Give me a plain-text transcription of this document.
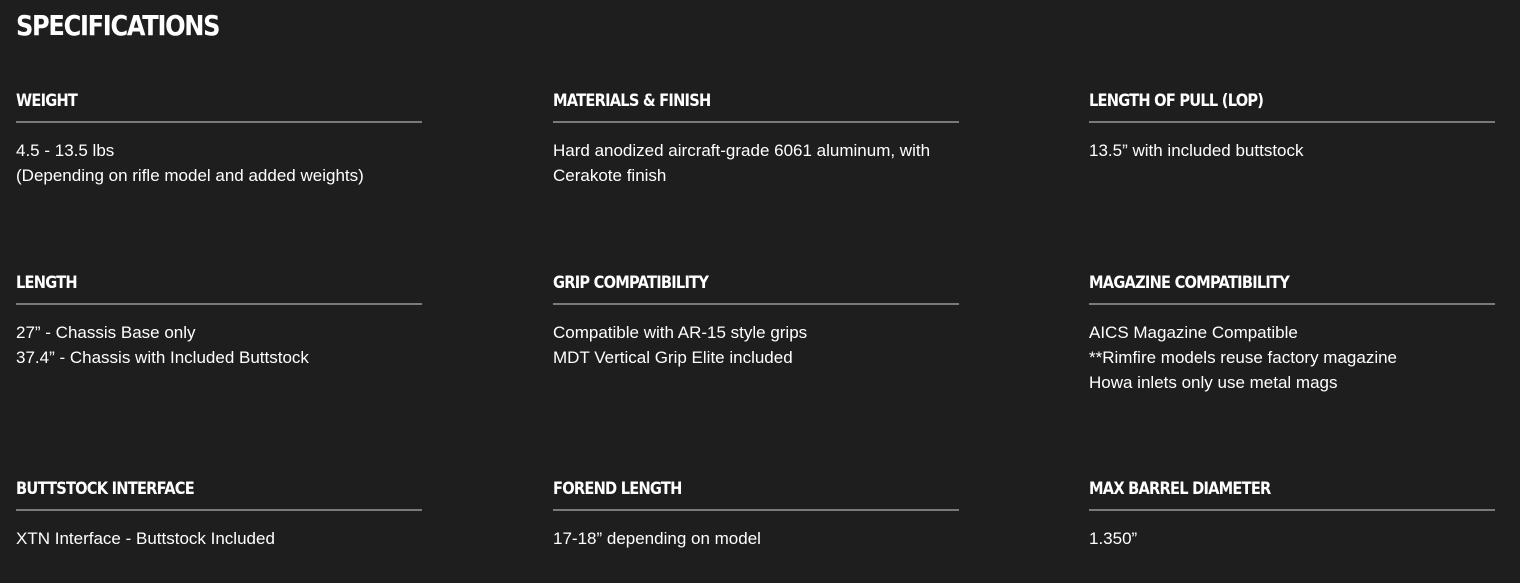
SPECIFICATIONS
WEIGHT
4.5 - 13.5 lbs
(Depending on rifle model and added weights)
MATERIALS & FINISH
Hard anodized aircraft-grade 6061 aluminum, with
Cerakote finish
LENGTH OF PULL (LOP)
13.5” with included buttstock
LENGTH
27” - Chassis Base only
37.4” - Chassis with Included Buttstock
GRIP COMPATIBILITY
Compatible with AR-15 style grips
MDT Vertical Grip Elite included
MAGAZINE COMPATIBILITY
AICS Magazine Compatible
**Rimfire models reuse factory magazine
Howa inlets only use metal mags
BUTTSTOCK INTERFACE
XTN Interface - Buttstock Included
FOREND LENGTH
17-18” depending on model
MAX BARREL DIAMETER
1.350”
